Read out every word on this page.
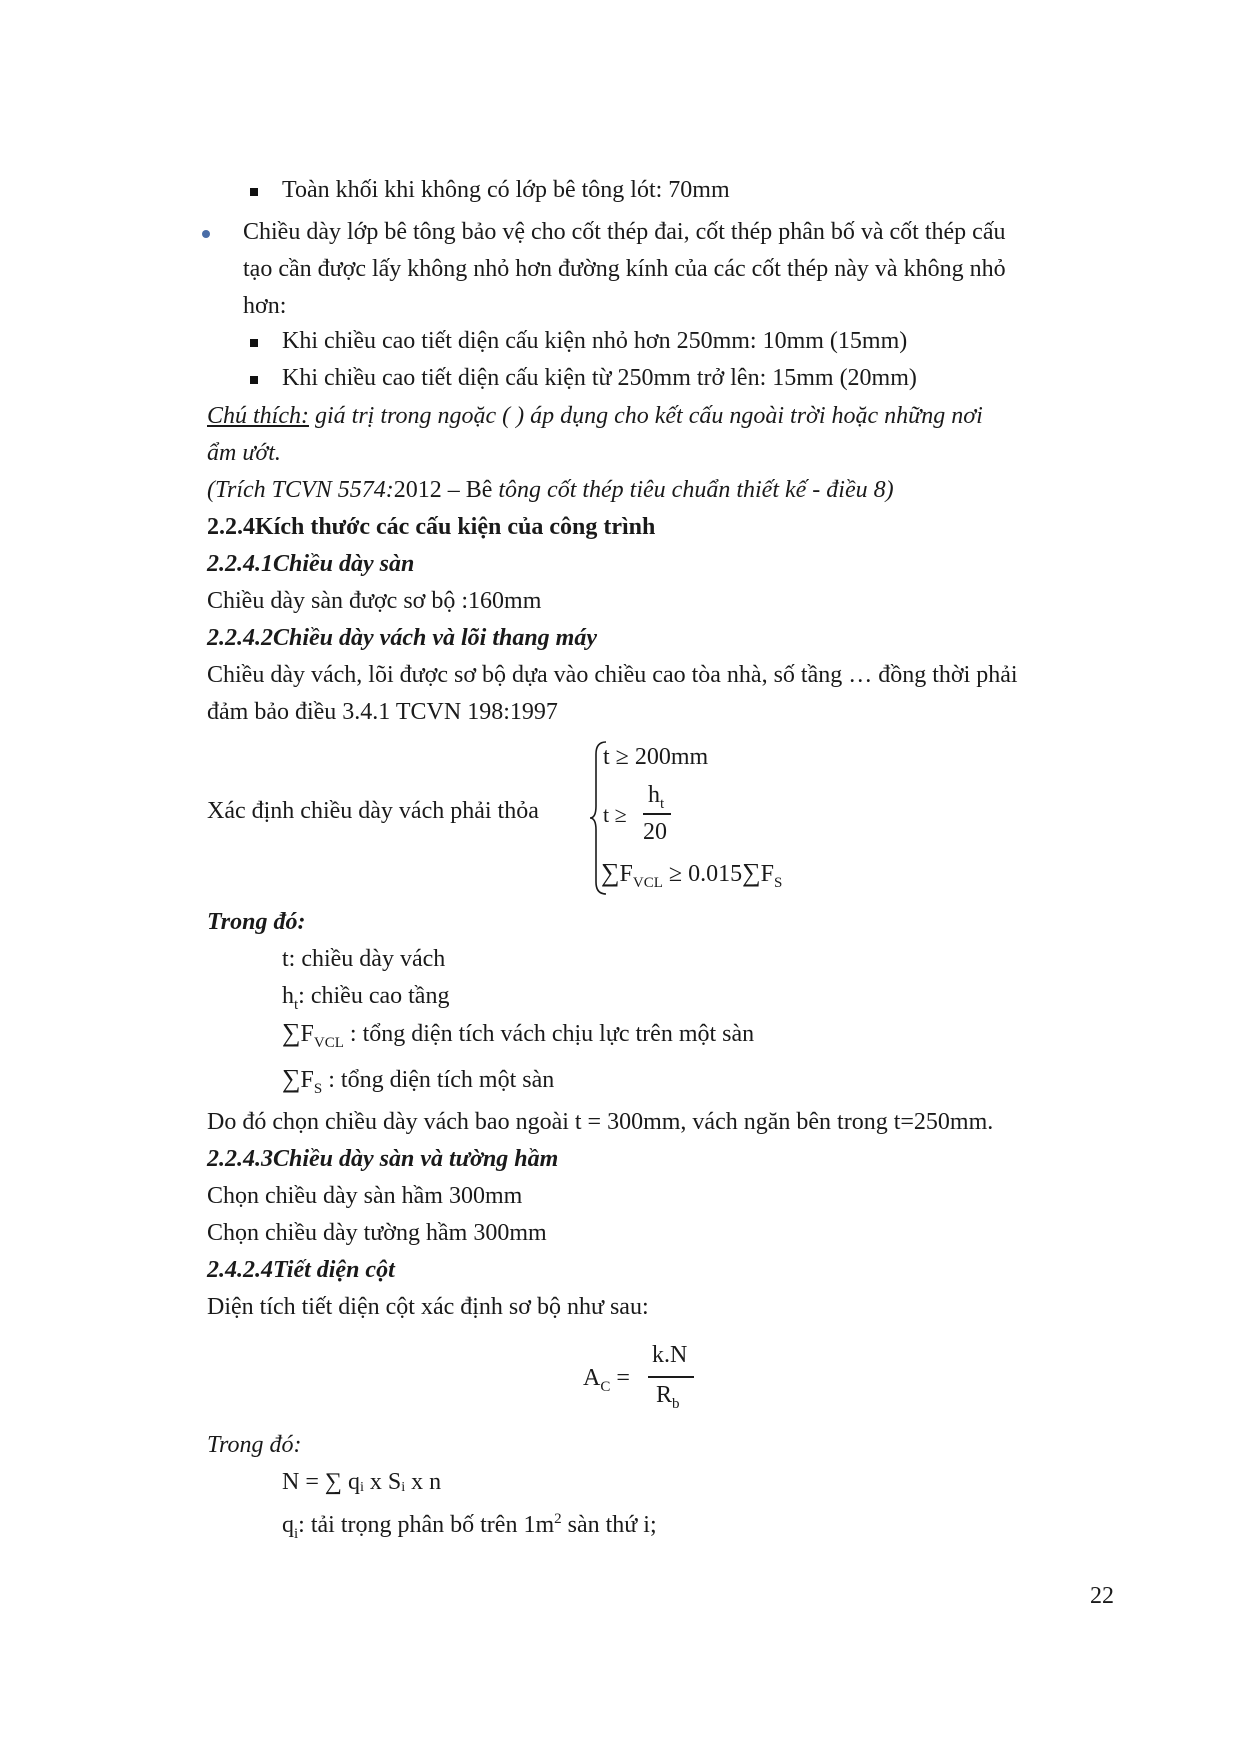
Toàn khối khi không có lớp bê tông lót: 70mm
Chiều dày lớp bê tông bảo vệ cho cốt thép đai, cốt thép phân bố và cốt thép cấu
tạo cần được lấy không nhỏ hơn đường kính của các cốt thép này và không nhỏ
hơn:
Khi chiều cao tiết diện cấu kiện nhỏ hơn 250mm: 10mm (15mm)
Khi chiều cao tiết diện cấu kiện từ 250mm trở lên: 15mm (20mm)
Chú thích: giá trị trong ngoặc ( ) áp dụng cho kết cấu ngoài trời hoặc những nơi
ẩm ướt.
(Trích TCVN 5574:2012 – Bê tông cốt thép tiêu chuẩn thiết kế - điều 8)
2.2.4Kích thước các cấu kiện của công trình
2.2.4.1Chiều dày sàn
Chiều dày sàn được sơ bộ :160mm
2.2.4.2Chiều dày vách và lõi thang máy
Chiều dày vách, lõi được sơ bộ dựa vào chiều cao tòa nhà, số tầng … đồng thời phải
đảm bảo điều 3.4.1 TCVN 198:1997
Xác định chiều dày vách phải thỏa
t ≥ 200mm
t ≥
$h_t$
20
$\sum F_{VCL} \ge 0.015\sum F_S$
Trong đó:
t: chiều dày vách
$h_t$: chiều cao tầng
$\sum F_{VCL}$ : tổng diện tích vách chịu lực trên một sàn
$\sum F_S$ : tổng diện tích một sàn
Do đó chọn chiều dày vách bao ngoài t = 300mm, vách ngăn bên trong t=250mm.
2.2.4.3Chiều dày sàn và tường hầm
Chọn chiều dày sàn hầm 300mm
Chọn chiều dày tường hầm 300mm
2.4.2.4Tiết diện cột
Diện tích tiết diện cột xác định sơ bộ như sau:
$A_C$ =
k.N
$R_b$
Trong đó:
N = ∑ qᵢ x Sᵢ x n
$q_i$: tải trọng phân bố trên $1m^2$ sàn thứ i;
22
